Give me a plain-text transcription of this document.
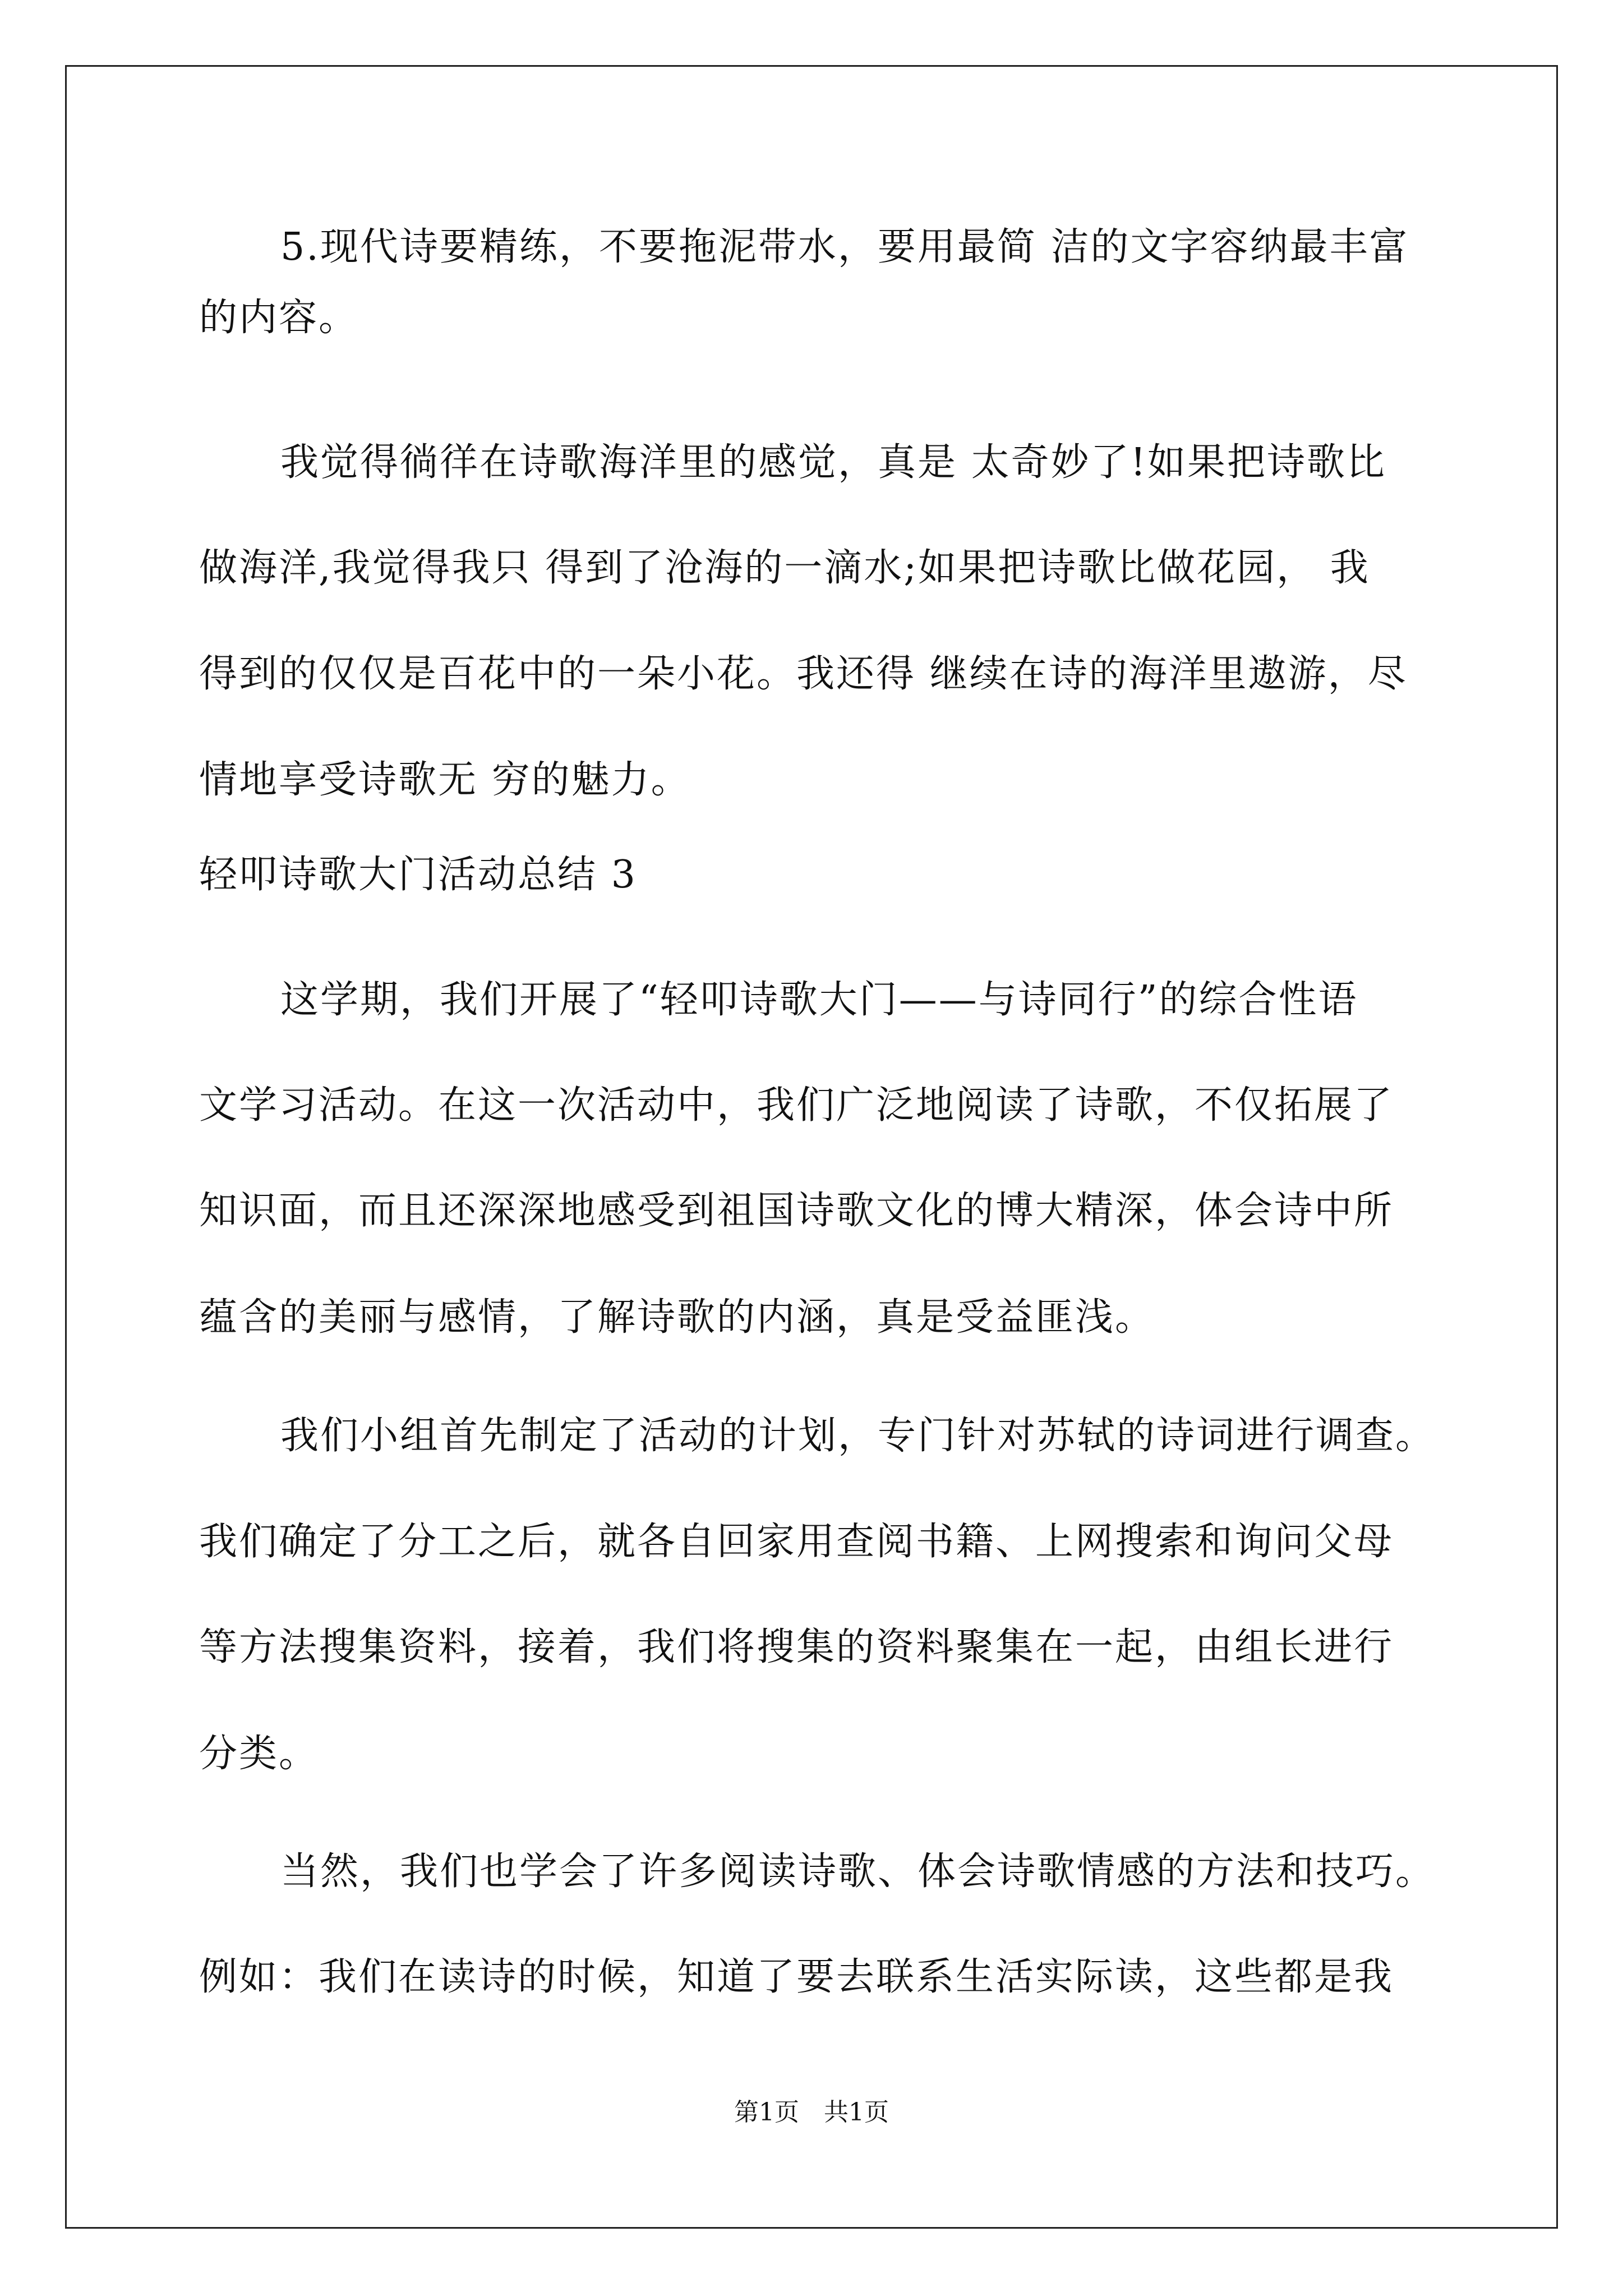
5.现代诗要精练，不要拖泥带水，要用最简 洁的文字容纳最丰富
的内容。
我觉得徜徉在诗歌海洋里的感觉，真是 太奇妙了!如果把诗歌比
做海洋,我觉得我只 得到了沧海的一滴水;如果把诗歌比做花园， 我
得到的仅仅是百花中的一朵小花。我还得 继续在诗的海洋里遨游，尽
情地享受诗歌无 穷的魅力。
轻叩诗歌大门活动总结 3
这学期，我们开展了“轻叩诗歌大门——与诗同行”的综合性语
文学习活动。在这一次活动中，我们广泛地阅读了诗歌，不仅拓展了
知识面，而且还深深地感受到祖国诗歌文化的博大精深，体会诗中所
蕴含的美丽与感情，了解诗歌的内涵，真是受益匪浅。
我们小组首先制定了活动的计划，专门针对苏轼的诗词进行调查。
我们确定了分工之后，就各自回家用查阅书籍、上网搜索和询问父母
等方法搜集资料，接着，我们将搜集的资料聚集在一起，由组长进行
分类。
当然，我们也学会了许多阅读诗歌、体会诗歌情感的方法和技巧。
例如：我们在读诗的时候，知道了要去联系生活实际读，这些都是我
第1页　共1页
